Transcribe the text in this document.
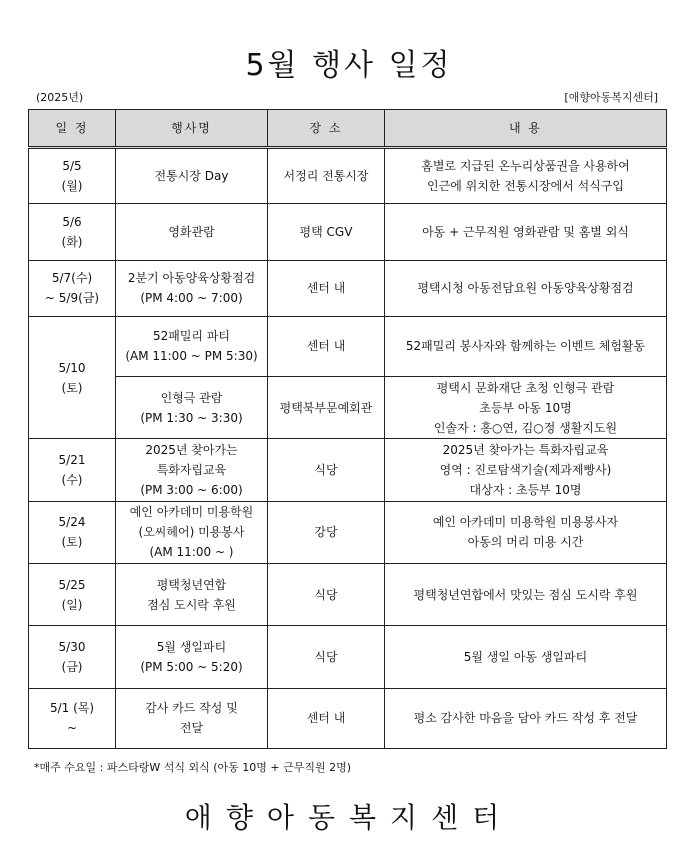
5월 행사 일정
(2025년)	[애향아동복지센터]
일 정	행사명	장 소	내 용

5/5
(월)	전통시장 Day	서정리 전통시장	홈별로 지급된 온누리상품권을 사용하여
인근에 위치한 전통시장에서 석식구입

5/6
(화)	영화관람	평택 CGV	아동 + 근무직원 영화관람 및 홈별 외식

5/7(수)
~ 5/9(금)	2분기 아동양육상황점검
(PM 4:00 ~ 7:00)	센터 내	평택시청 아동전담요원 아동양육상황점검

5/10
(토)	52패밀리 파티
(AM 11:00 ~ PM 5:30)	센터 내	52패밀리 봉사자와 함께하는 이벤트 체험활동

	인형극 관람
(PM 1:30 ~ 3:30)	평택북부문예회관	평택시 문화재단 초청 인형극 관람
초등부 아동 10명
인솔자 : 홍○연, 김○정 생활지도원

5/21
(수)	2025년 찾아가는
특화자립교육
(PM 3:00 ~ 6:00)	식당	2025년 찾아가는 특화자립교육
영역 : 진로탐색기술(제과제빵사)
대상자 : 초등부 10명

5/24
(토)	예인 아카데미 미용학원
(오씨헤어) 미용봉사
(AM 11:00 ~ )	강당	예인 아카데미 미용학원 미용봉사자
아동의 머리 미용 시간

5/25
(일)	평택청년연합
점심 도시락 후원	식당	평택청년연합에서 맛있는 점심 도시락 후원

5/30
(금)	5월 생일파티
(PM 5:00 ~ 5:20)	식당	5월 생일 아동 생일파티

5/1 (목)
~	감사 카드 작성 및
전달	센터 내	평소 감사한 마음을 담아 카드 작성 후 전달
*매주 수요일 : 파스타랑W 석식 외식 (아동 10명 + 근무직원 2명)
애향아동복지센터
